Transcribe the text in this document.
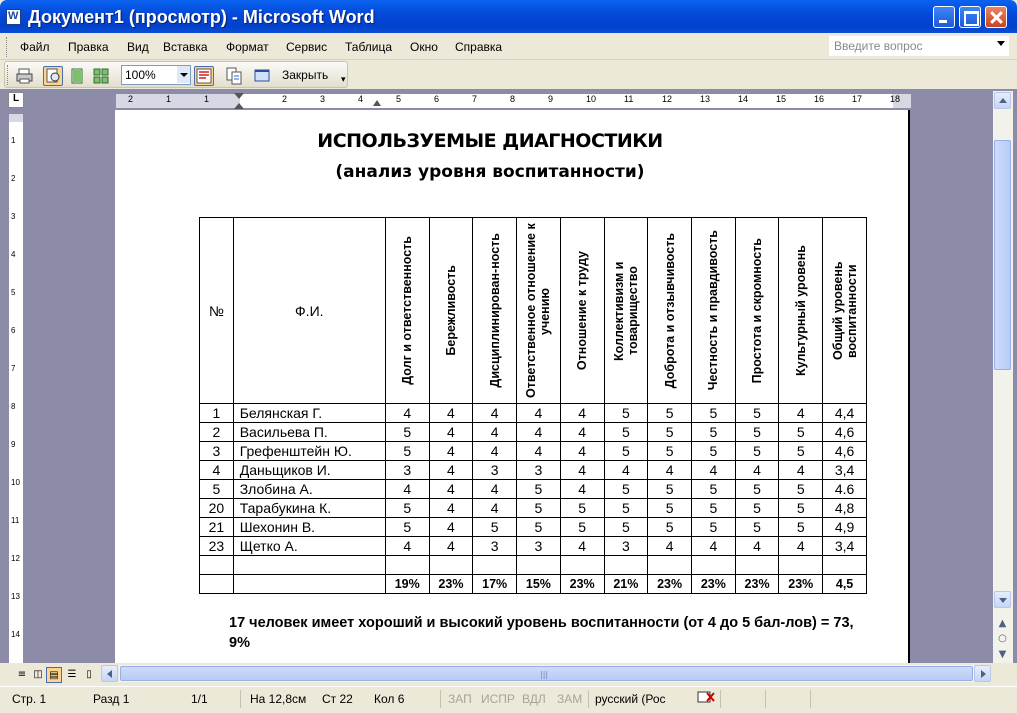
W Документ1 (просмотр) - Microsoft Word
Файл Правка Вид Вставка Формат Сервис Таблица Окно Справка	Введите вопрос
100%	Закрыть ▾
L	2	1	1	2	3	4	5	6	7	8	9	10	11	12	13	14	15	16	17	18
1
2
3
4
5
6
7
8
9
10
11
12
13
14
ИСПОЛЬЗУЕМЫЕ ДИАГНОСТИКИ
(анализ уровня воспитанности)
№	Ф.И.	Долг и ответственность	Бережливость	Дисциплинирован-ность	Ответственное отношение к учению	Отношение к труду	Коллективизм и товарищество	Доброта и отзывчивость	Честность и правдивость	Простота и скромность	Культурный уровень	Общий уровень воспитанности

1	Белянская Г.	4	4	4	4	4	5	5	5	5	4	4,4
2	Васильева П.	5	4	4	4	4	5	5	5	5	5	4,6
3	Грефенштейн Ю.	5	4	4	4	4	5	5	5	5	5	4,6
4	Даньщиков И.	3	4	3	3	4	4	4	4	4	4	3,4
5	Злобина А.	4	4	4	5	4	5	5	5	5	5	4.6
20	Тарабукина К.	5	4	4	5	5	5	5	5	5	5	4,8
21	Шехонин В.	5	4	5	5	5	5	5	5	5	5	4,9
23	Щетко А.	4	4	3	3	4	3	4	4	4	4	3,4

		19%	23%	17%	15%	23%	21%	23%	23%	23%	23%	4,5
17 человек имеет хороший и высокий уровень воспитанности (от 4 до 5 бал-лов) = 73, 9%
▲
○
▼
≡ ◫ ▤ ☰ ▯	|||
Стр. 1	Разд 1	1/1	На 12,8см Ст 22 Кол 6	ЗАП ИСПР ВДЛ ЗАМ русский (Рос
